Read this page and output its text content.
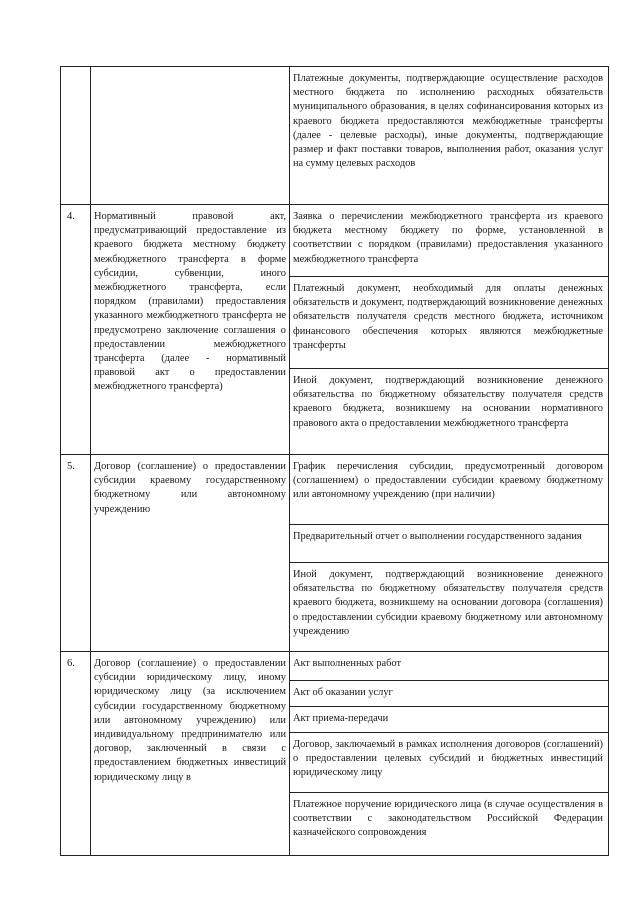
Платежные документы, подтверждающие осуществление расходов местного бюджета по исполнению расходных обязательств муниципального образования, в целях софинансирования которых из краевого бюджета предоставляются межбюджетные трансферты (далее - целевые расходы), иные документы, подтверждающие размер и факт поставки товаров, выполнения работ, оказания услуг на сумму целевых расходов
4. Нормативный правовой акт, предусматривающий предоставление из краевого бюджета местному бюджету межбюджетного трансферта в форме субсидии, субвенции, иного межбюджетного трансферта, если порядком (правилами) предоставления указанного межбюджетного трансферта не предусмотрено заключение соглашения о предоставлении межбюджетного трансферта (далее - нормативный правовой акт о предоставлении межбюджетного трансферта)
Заявка о перечислении межбюджетного трансферта из краевого бюджета местному бюджету по форме, установленной в соответствии с порядком (правилами) предоставления указанного межбюджетного трансферта
Платежный документ, необходимый для оплаты денежных обязательств и документ, подтверждающий возникновение денежных обязательств получателя средств местного бюджета, источником финансового обеспечения которых являются межбюджетные трансферты
Иной документ, подтверждающий возникновение денежного обязательства по бюджетному обязательству получателя средств краевого бюджета, возникшему на основании нормативного правового акта о предоставлении межбюджетного трансферта
5. Договор (соглашение) о предоставлении субсидии краевому государственному бюджетному или автономному учреждению
График перечисления субсидии, предусмотренный договором (соглашением) о предоставлении субсидии краевому бюджетному или автономному учреждению (при наличии)
Предварительный отчет о выполнении государственного задания
Иной документ, подтверждающий возникновение денежного обязательства по бюджетному обязательству получателя средств краевого бюджета, возникшему на основании договора (соглашения) о предоставлении субсидии краевому бюджетному или автономному учреждению
6. Договор (соглашение) о предоставлении субсидии юридическому лицу, иному юридическому лицу (за исключением субсидии государственному бюджетному или автономному учреждению) или индивидуальному предпринимателю или договор, заключенный в связи с предоставлением бюджетных инвестиций юридическому лицу в
Акт выполненных работ
Акт об оказании услуг
Акт приема-передачи
Договор, заключаемый в рамках исполнения договоров (соглашений) о предоставлении целевых субсидий и бюджетных инвестиций юридическому лицу
Платежное поручение юридического лица (в случае осуществления в соответствии с законодательством Российской Федерации казначейского сопровождения
